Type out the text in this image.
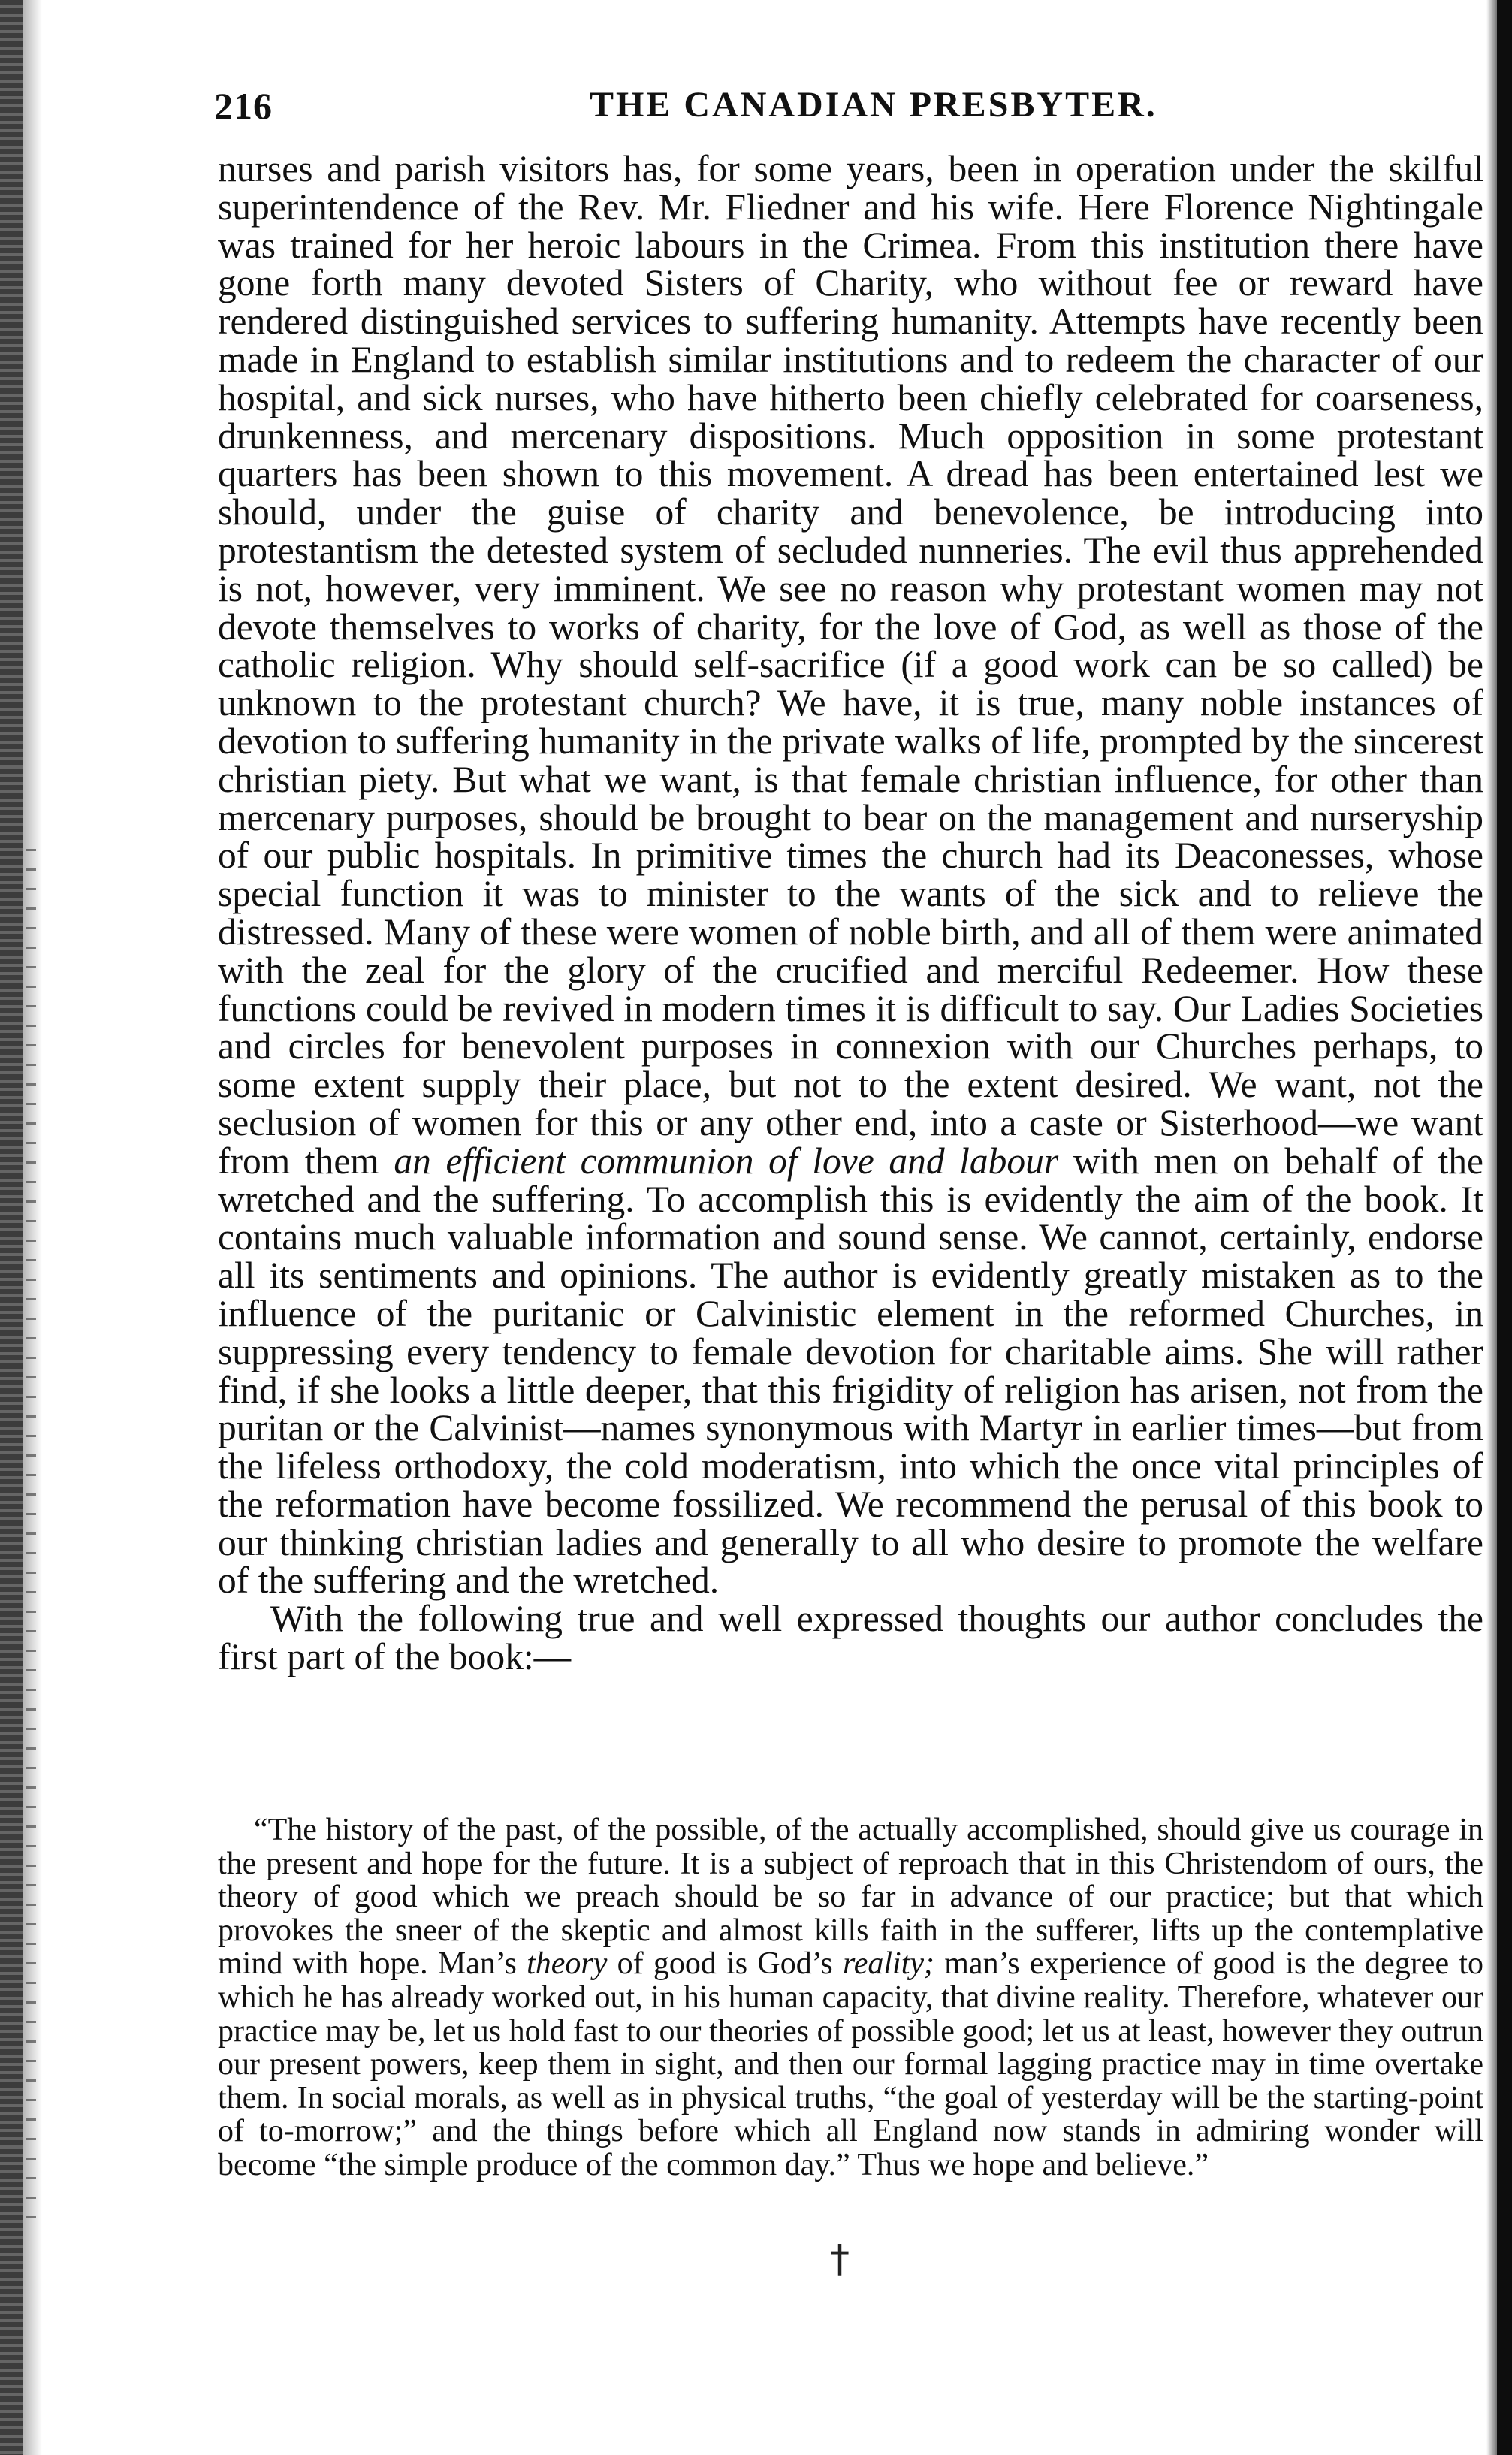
216	THE CANADIAN PRESBYTER.

nurses and parish visitors has, for some years, been in operation under the skilful superintendence of the Rev. Mr. Fliedner and his wife. Here Florence Nightingale was trained for her heroic labours in the Crimea. From this institution there have gone forth many devoted Sisters of Charity, who without fee or reward have rendered distinguished services to suffering humanity. Attempts have recently been made in England to establish similar institutions and to redeem the character of our hospital, and sick nurses, who have hitherto been chiefly celebrated for coarseness, drunkenness, and mercenary dispositions. Much opposition in some protestant quarters has been shown to this movement. A dread has been entertained lest we should, under the guise of charity and benevolence, be introducing into protestantism the detested system of secluded nunneries. The evil thus apprehended is not, however, very imminent. We see no reason why protestant women may not devote themselves to works of charity, for the love of God, as well as those of the catholic religion. Why should self-sacrifice (if a good work can be so called) be unknown to the protestant church? We have, it is true, many noble instances of devotion to suffering humanity in the private walks of life, prompted by the sincerest christian piety. But what we want, is that female christian influence, for other than mercenary purposes, should be brought to bear on the management and nurseryship of our public hospitals. In primitive times the church had its Deaconesses, whose special function it was to minister to the wants of the sick and to relieve the distressed. Many of these were women of noble birth, and all of them were animated with the zeal for the glory of the crucified and merciful Redeemer. How these functions could be revived in modern times it is difficult to say. Our Ladies Societies and circles for benevolent purposes in connexion with our Churches perhaps, to some extent supply their place, but not to the extent desired. We want, not the seclusion of women for this or any other end, into a caste or Sisterhood—we want from them an efficient communion of love and labour with men on behalf of the wretched and the suffering. To accomplish this is evidently the aim of the book. It contains much valuable information and sound sense. We cannot, certainly, endorse all its sentiments and opinions. The author is evidently greatly mistaken as to the influence of the puritanic or Calvinistic element in the reformed Churches, in suppressing every tendency to female devotion for charitable aims. She will rather find, if she looks a little deeper, that this frigidity of religion has arisen, not from the puritan or the Calvinist—names synonymous with Martyr in earlier times—but from the lifeless orthodoxy, the cold moderatism, into which the once vital principles of the reformation have become fossilized. We recommend the perusal of this book to our thinking christian ladies and generally to all who desire to promote the welfare of the suffering and the wretched.

With the following true and well expressed thoughts our author concludes the first part of the book:—

“The history of the past, of the possible, of the actually accomplished, should give us courage in the present and hope for the future. It is a subject of reproach that in this Christendom of ours, the theory of good which we preach should be so far in advance of our practice; but that which provokes the sneer of the skeptic and almost kills faith in the sufferer, lifts up the contemplative mind with hope. Man’s theory of good is God’s reality; man’s experience of good is the degree to which he has already worked out, in his human capacity, that divine reality. Therefore, whatever our practice may be, let us hold fast to our theories of possible good; let us at least, however they outrun our present powers, keep them in sight, and then our formal lagging practice may in time overtake them. In social morals, as well as in physical truths, “the goal of yesterday will be the starting-point of to-morrow;” and the things before which all England now stands in admiring wonder will become “the simple produce of the common day.” Thus we hope and believe.”

†
